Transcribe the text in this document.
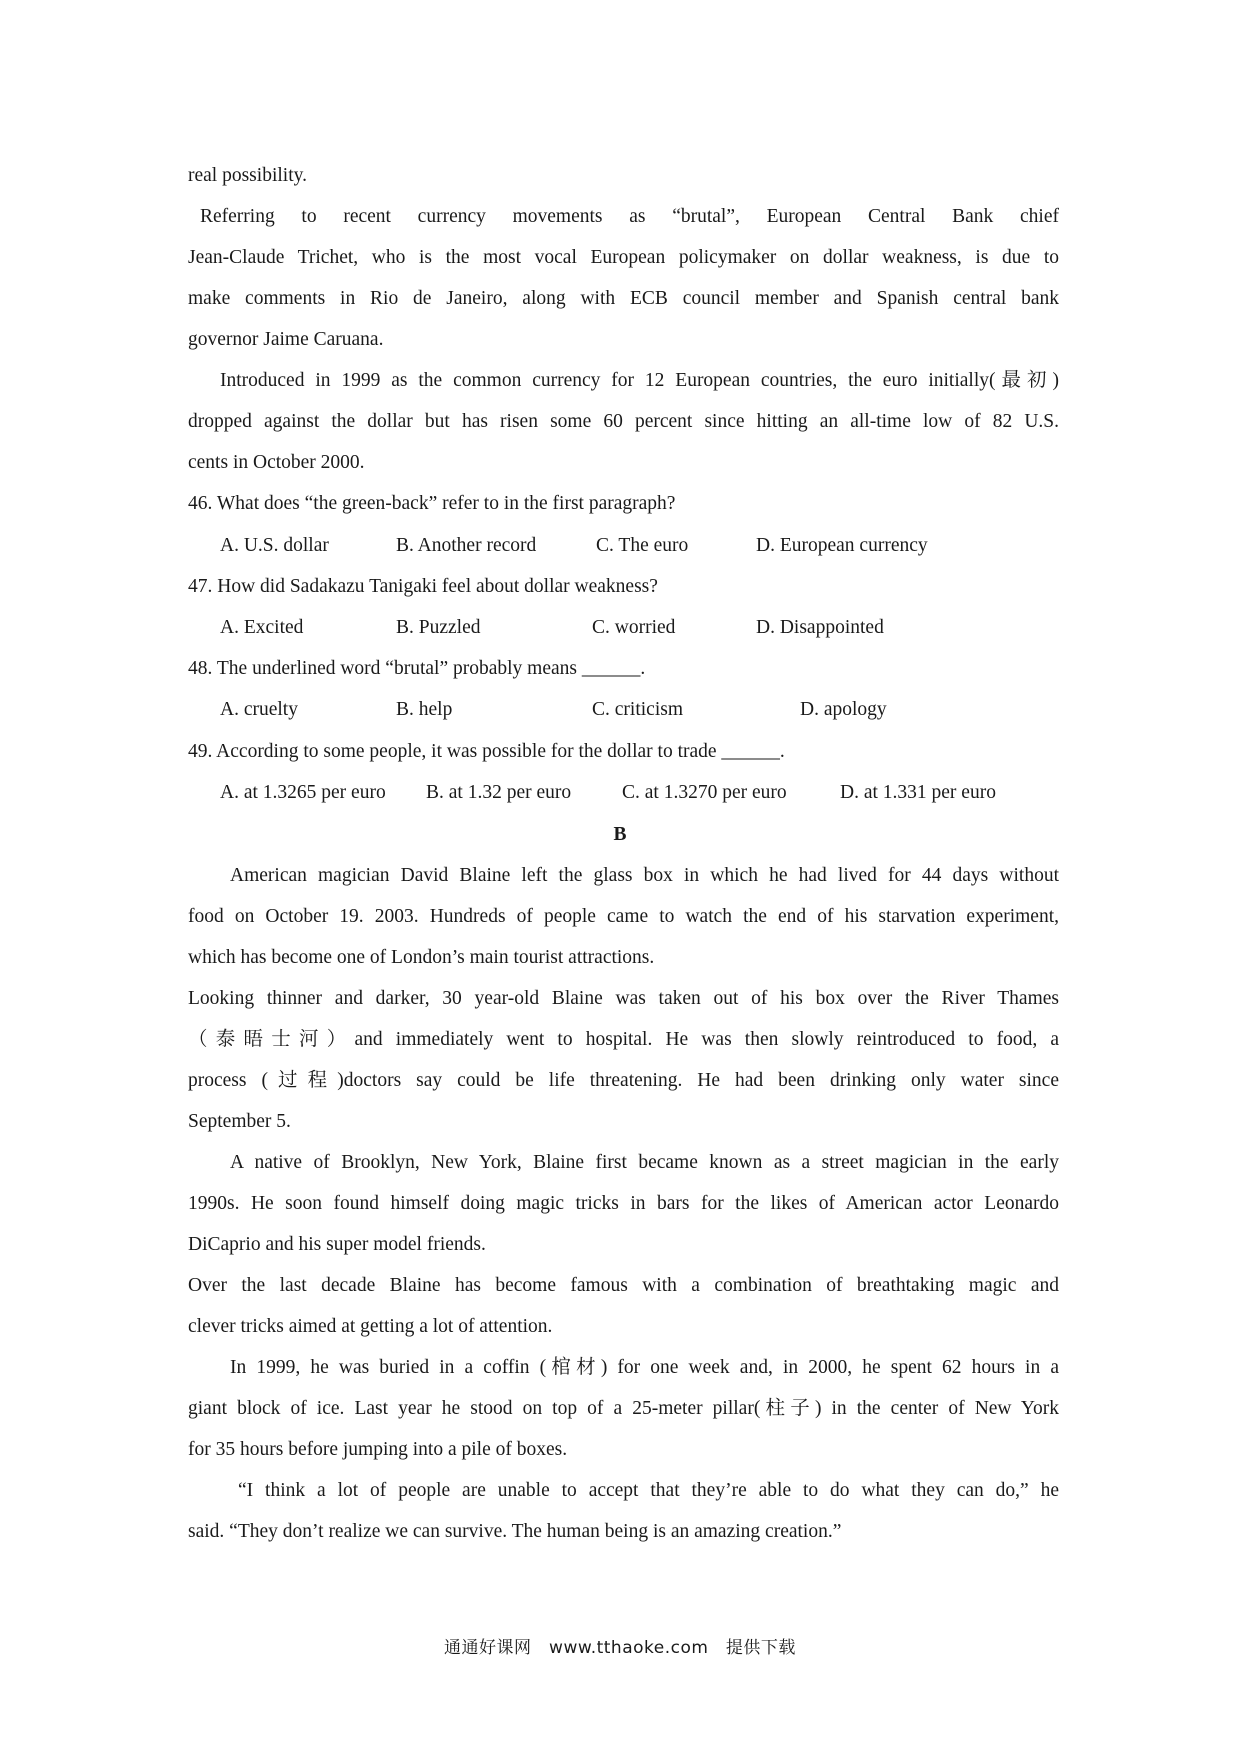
real possibility.
Referring to recent currency movements as “brutal”, European Central Bank chief
Jean-Claude Trichet, who is the most vocal European policymaker on dollar weakness, is due to
make comments in Rio de Janeiro, along with ECB council member and Spanish central bank
governor Jaime Caruana.
Introduced in 1999 as the common currency for 12 European countries, the euro initially(最初)
dropped against the dollar but has risen some 60 percent since hitting an all-time low of 82 U.S.
cents in October 2000.
46. What does “the green-back” refer to in the first paragraph?
A. U.S. dollar	B. Another record	C. The euro	D. European currency
47. How did Sadakazu Tanigaki feel about dollar weakness?
A. Excited	B. Puzzled	C. worried	D. Disappointed
48. The underlined word “brutal” probably means ______.
A. cruelty	B. help	C. criticism	D. apology
49. According to some people, it was possible for the dollar to trade ______.
A. at 1.3265 per euro B. at 1.32 per euro	C. at 1.3270 per euro	D. at 1.331 per euro
B
American magician David Blaine left the glass box in which he had lived for 44 days without
food on October 19. 2003. Hundreds of people came to watch the end of his starvation experiment,
which has become one of London’s main tourist attractions.
Looking thinner and darker, 30 year-old Blaine was taken out of his box over the River Thames
（泰晤士河）and immediately went to hospital. He was then slowly reintroduced to food, a
process (过程)doctors say could be life threatening. He had been drinking only water since
September 5.
A native of Brooklyn, New York, Blaine first became known as a street magician in the early
1990s. He soon found himself doing magic tricks in bars for the likes of American actor Leonardo
DiCaprio and his super model friends.
Over the last decade Blaine has become famous with a combination of breathtaking magic and
clever tricks aimed at getting a lot of attention.
In 1999, he was buried in a coffin (棺材) for one week and, in 2000, he spent 62 hours in a
giant block of ice. Last year he stood on top of a 25-meter pillar(柱子) in the center of New York
for 35 hours before jumping into a pile of boxes.
“I think a lot of people are unable to accept that they’re able to do what they can do,” he
said. “They don’t realize we can survive. The human being is an amazing creation.”
通通好课网　www.tthaoke.com　提供下载
